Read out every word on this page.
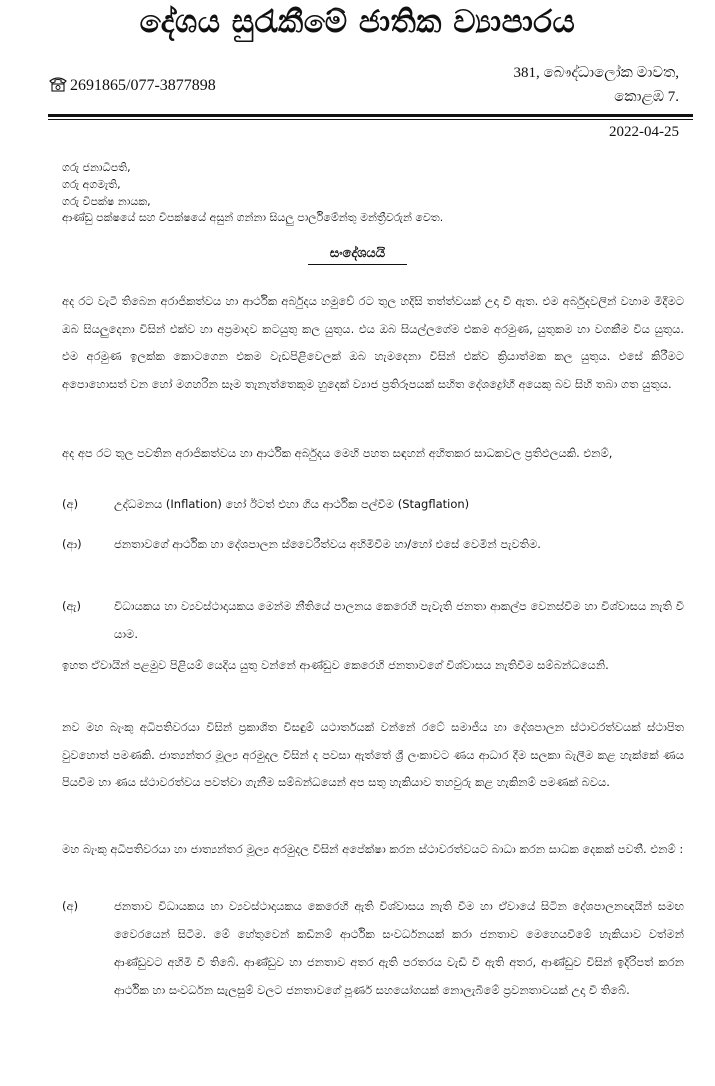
දේශය සුරැකීමේ ජාතික ව්‍යාපාරය
2691865/077-3877898
381, බෞද්ධාලෝක මාවත,
කොළඹ 7.
2022-04-25
ගරු ජනාධිපති,
ගරු අගමැති,
ගරු විපක්ෂ නායක,
ආණ්ඩු පක්ෂයේ සහ විපක්ෂයේ අසුන් ගන්නා සියලු පාර්ලිමේන්තු මන්ත්‍රීවරුන් වෙත.
සංදේශයයි

අද රට වැටී තිබෙන අරාජිකත්වය හා ආර්ථික අර්බුදය හමුවේ රට තුල හදිසි තත්ත්වයක් උදා වී ඇත. එම අර්බුදවලින් වහාම මිදීමට ඔබ සියලුදෙනා විසින් එක්ව හා අප්‍රමාදව කටයුතු කල යුතුය. එය ඔබ සියල්ලගේම එකම අරමුණ, යුතුකම හා වගකීම විය යුතුය. එම අරමුණ ඉලක්ක කොටගෙන එකම වැඩපිළිවෙලක් ඔබ හැමදෙනා විසින් එක්ව ක්‍රියාත්මක කල යුතුය. එසේ කිරීමට අපොහොසත් වන හෝ මගහරින සෑම තැනැත්තෙකුම හුදෙක් ව්‍යාජ ප්‍රතිරූපයක් සහිත දේශද්‍රෝහී අයෙකු බව සිහි තබා ගත යුතුය.

අද අප රට තුල පවතින අරාජිකත්වය හා ආර්ථික අර්බුදය මෙහි පහත සඳහන් අහිතකර සාධකවල ප්‍රතිඵලයකි. එනම්,

(අ)	උද්ධමනය (Inflation) හෝ ඊටත් එහා ගිය ආර්ථික පල්වීම (Stagflation)
(ආ)	ජනතාවගේ ආර්ථික හා දේශපාලන ස්වෛරීත්වය අහිමිවීම හා/හෝ එසේ වෙමින් පැවතිම.
(ඇ)	විධායකය හා ව්‍යවස්ථාදායකය මෙන්ම නීතියේ පාලනය කෙරෙහි පැවැති ජනතා ආකල්ප වෙනස්වීම හා විශ්වාසය නැති වී යාම.

ඉහත ඒවායින් පළමුව පිළියම් යෙදිය යුතු වන්නේ ආණ්ඩුව කෙරෙහි ජනතාවගේ විශ්වාසය නැතිවීම සම්බන්ධයෙනි.

නව මහ බැංකු අධිපතිවරයා විසින් ප්‍රකාශිත විසඳුම් යථාර්තයක් වන්නේ රටේ සමාජීය හා දේශපාලන ස්ථාවරත්වයක් ස්ථාපිත වුවහොත් පමණකි. ජාත්‍යන්තර මූල්‍ය අරමුදල විසින් ද පවසා ඇත්තේ ශ්‍රී ලංකාවට ණය ආධාර දීම සලකා බැලීම කළ හැක්කේ ණය පියවීම හා ණය ස්ථාවරත්වය පවත්වා ගැනීම සම්බන්ධයෙන් අප සතු හැකියාව තහවුරු කළ හැකිනම් පමණක් බවය.

මහ බැංකු අධිපතිවරයා හා ජාත්‍යන්තර මූල්‍ය අරමුදල විසින් අපේක්ෂා කරන ස්ථාවරත්වයට බාධා කරන සාධක දෙකක් පවතී. එනම් :

(අ)	ජනතාව විධායකය හා ව්‍යවස්ථාදායකය කෙරෙහි ඇති විශ්වාසය නැති වීම හා ඒවායේ සිටින දේශපාලනඥයින් සමඟ වෛරයෙන් සිටීම. මේ හේතුවෙන් කඩිනම් ආර්ථික සංවර්ධනයක් කරා ජනතාව මෙහෙයවීමේ හැකියාව වත්මන් ආණ්ඩුවට අහිමි වී තිබේ. ආණ්ඩුව හා ජනතාව අතර ඇති පරතරය වැඩි වී ඇති අතර, ආණ්ඩුව විසින් ඉදිරිපත් කරන ආර්ථික හා සංවර්ධන සැලසුම් වලට ජනතාවගේ පූර්ණ සහයෝගයක් නොලැබීමේ ප්‍රවනතාවයක් උදා වී තිබේ.
